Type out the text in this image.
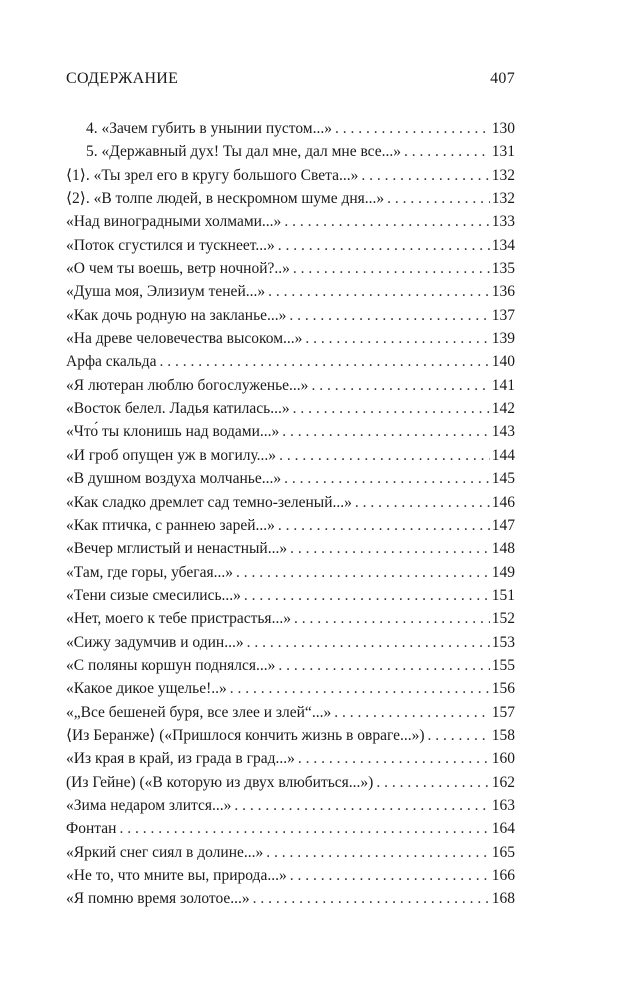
СОДЕРЖАНИЕ	407
4. «Зачем губить в унынии пустом...» . . .	130
5. «Державный дух! Ты дал мне, дал мне все...» . . .	131
⟨1⟩. «Ты зрел его в кругу большого Света...» . . .	132
⟨2⟩. «В толпе людей, в нескромном шуме дня...» . . .	132
«Над виноградными холмами...» . . .	133
«Поток сгустился и тускнеет...» . . .	134
«О чем ты воешь, ветр ночной?..» . . .	135
«Душа моя, Элизиум теней...» . . .	136
«Как дочь родную на закланье...» . . .	137
«На древе человечества высоком...» . . .	139
Арфа скальда . . .	140
«Я лютеран люблю богослуженье...» . . .	141
«Восток белел. Ладья катилась...» . . .	142
«Что́ ты клонишь над водами...» . . .	143
«И гроб опущен уж в могилу...» . . .	144
«В душном воздуха молчанье...» . . .	145
«Как сладко дремлет сад темно-зеленый...» . . .	146
«Как птичка, с раннею зарей...» . . .	147
«Вечер мглистый и ненастный...» . . .	148
«Там, где горы, убегая...» . . .	149
«Тени сизые смесились...» . . .	151
«Нет, моего к тебе пристрастья...» . . .	152
«Сижу задумчив и один...» . . .	153
«С поляны коршун поднялся...» . . .	155
«Какое дикое ущелье!..» . . .	156
«„Все бешеней буря, все злее и злей“...» . . .	157
⟨Из Беранже⟩ («Пришлося кончить жизнь в овраге...») . . .	158
«Из края в край, из града в град...» . . .	160
(Из Гейне) («В которую из двух влюбиться...») . . .	162
«Зима недаром злится...» . . .	163
Фонтан . . .	164
«Яркий снег сиял в долине...» . . .	165
«Не то, что мните вы, природа...» . . .	166
«Я помню время золотое...» . . .	168
